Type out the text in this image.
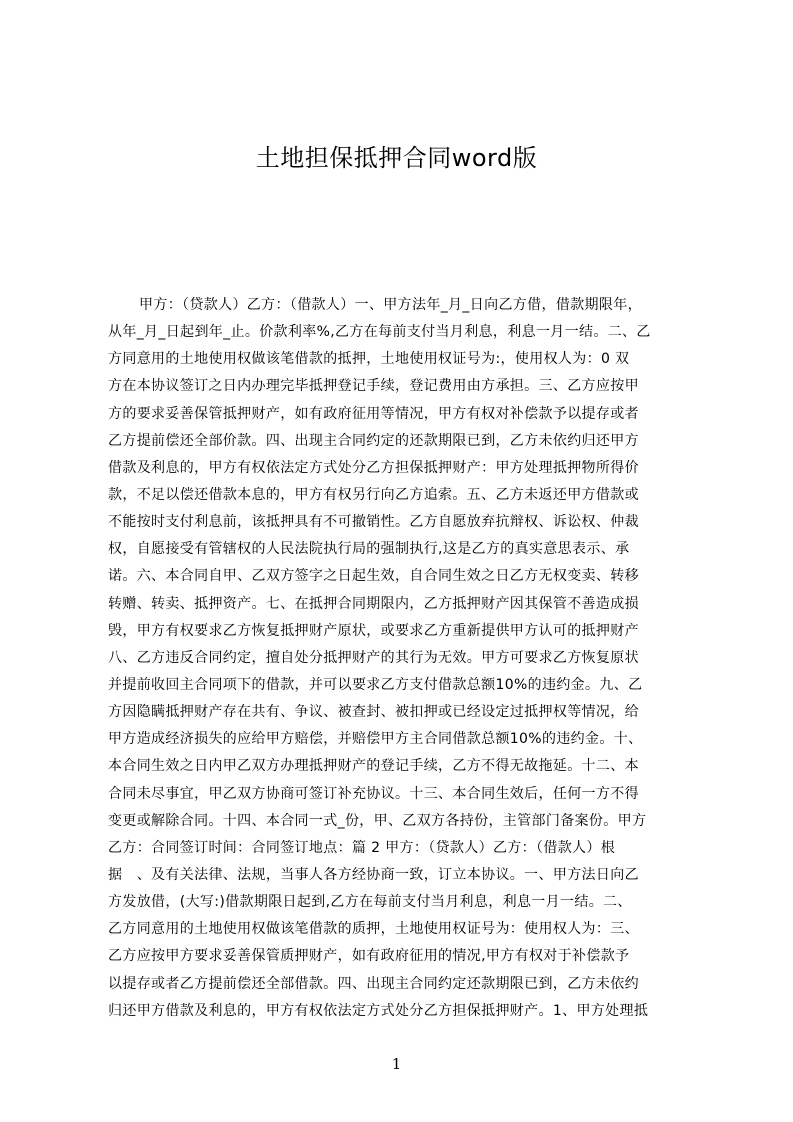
土地担保抵押合同word版
甲方：（贷款人）乙方：（借款人）一、甲方法年_月_日向乙方借，借款期限年，
从年_月_日起到年_止。价款利率%,乙方在每前支付当月利息，利息一月一结。二、乙
方同意用的土地使用权做该笔借款的抵押，土地使用权证号为:，使用权人为：0 双
方在本协议签订之日内办理完毕抵押登记手续，登记费用由方承担。三、乙方应按甲
方的要求妥善保管抵押财产，如有政府征用等情况，甲方有权对补偿款予以提存或者
乙方提前偿还全部价款。四、出现主合同约定的还款期限已到，乙方未依约归还甲方
借款及利息的，甲方有权依法定方式处分乙方担保抵押财产：甲方处理抵押物所得价
款，不足以偿还借款本息的，甲方有权另行向乙方追索。五、乙方未返还甲方借款或
不能按时支付利息前，该抵押具有不可撤销性。乙方自愿放弃抗辩权、诉讼权、仲裁
权，自愿接受有管辖权的人民法院执行局的强制执行,这是乙方的真实意思表示、承
诺。六、本合同自甲、乙双方签字之日起生效，自合同生效之日乙方无权变卖、转移
转赠、转卖、抵押资产。七、在抵押合同期限内，乙方抵押财产因其保管不善造成损
毁，甲方有权要求乙方恢复抵押财产原状，或要求乙方重新提供甲方认可的抵押财产
八、乙方违反合同约定，擅自处分抵押财产的其行为无效。甲方可要求乙方恢复原状
并提前收回主合同项下的借款，并可以要求乙方支付借款总额10%的违约金。九、乙
方因隐瞒抵押财产存在共有、争议、被查封、被扣押或已经设定过抵押权等情况，给
甲方造成经济损失的应给甲方赔偿，并赔偿甲方主合同借款总额10%的违约金。十、
本合同生效之日内甲乙双方办理抵押财产的登记手续，乙方不得无故拖延。十二、本
合同未尽事宜，甲乙双方协商可签订补充协议。十三、本合同生效后，任何一方不得
变更或解除合同。十四、本合同一式_份，甲、乙双方各持份，主管部门备案份。甲方
乙方：合同签订时间：合同签订地点：篇 2 甲方：（贷款人）乙方：（借款人）根
据　、及有关法律、法规，当事人各方经协商一致，订立本协议。一、甲方法日向乙
方发放借，(大写:)借款期限日起到,乙方在每前支付当月利息，利息一月一结。二、
乙方同意用的土地使用权做该笔借款的质押，土地使用权证号为：使用权人为：三、
乙方应按甲方要求妥善保管质押财产，如有政府征用的情况,甲方有权对于补偿款予
以提存或者乙方提前偿还全部借款。四、出现主合同约定还款期限已到，乙方未依约
归还甲方借款及利息的，甲方有权依法定方式处分乙方担保抵押财产。1、甲方处理抵
1
